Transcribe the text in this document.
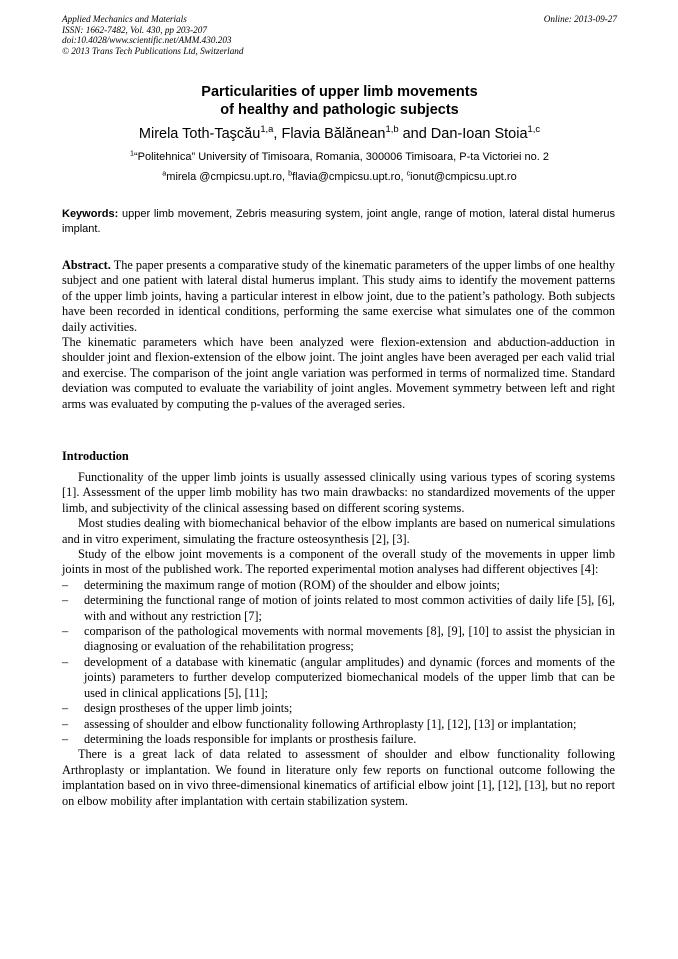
Applied Mechanics and Materials
ISSN: 1662-7482, Vol. 430, pp 203-207
doi:10.4028/www.scientific.net/AMM.430.203
© 2013 Trans Tech Publications Ltd, Switzerland
Online: 2013-09-27
Particularities of upper limb movements
of healthy and pathologic subjects
Mirela Toth-Taşcău$^{1,a}$, Flavia Bălănean$^{1,b}$ and Dan-Ioan Stoia$^{1,c}$
$^1$“Politehnica” University of Timisoara, Romania, 300006 Timisoara, P-ta Victoriei no. 2
$^a$mirela @cmpicsu.upt.ro, $^b$flavia@cmpicsu.upt.ro, $^c$ionut@cmpicsu.upt.ro
Keywords: upper limb movement, Zebris measuring system, joint angle, range of motion, lateral distal humerus implant.

Abstract. The paper presents a comparative study of the kinematic parameters of the upper limbs of one healthy subject and one patient with lateral distal humerus implant. This study aims to identify the movement patterns of the upper limb joints, having a particular interest in elbow joint, due to the patient’s pathology. Both subjects have been recorded in identical conditions, performing the same exercise what simulates one of the common daily activities.

The kinematic parameters which have been analyzed were flexion-extension and abduction-adduction in shoulder joint and flexion-extension of the elbow joint. The joint angles have been averaged per each valid trial and exercise. The comparison of the joint angle variation was performed in terms of normalized time. Standard deviation was computed to evaluate the variability of joint angles. Movement symmetry between left and right arms was evaluated by computing the p-values of the averaged series.

Introduction

Functionality of the upper limb joints is usually assessed clinically using various types of scoring systems [1]. Assessment of the upper limb mobility has two main drawbacks: no standardized movements of the upper limb, and subjectivity of the clinical assessing based on different scoring systems.

Most studies dealing with biomechanical behavior of the elbow implants are based on numerical simulations and in vitro experiment, simulating the fracture osteosynthesis [2], [3].

Study of the elbow joint movements is a component of the overall study of the movements in upper limb joints in most of the published work. The reported experimental motion analyses had different objectives [4]:

– determining the maximum range of motion (ROM) of the shoulder and elbow joints;
– determining the functional range of motion of joints related to most common activities of daily life [5], [6], with and without any restriction [7];
– comparison of the pathological movements with normal movements [8], [9], [10] to assist the physician in diagnosing or evaluation of the rehabilitation progress;
– development of a database with kinematic (angular amplitudes) and dynamic (forces and moments of the joints) parameters to further develop computerized biomechanical models of the upper limb that can be used in clinical applications [5], [11];
– design prostheses of the upper limb joints;
– assessing of shoulder and elbow functionality following Arthroplasty [1], [12], [13] or implantation;
– determining the loads responsible for implants or prosthesis failure.

There is a great lack of data related to assessment of shoulder and elbow functionality following Arthroplasty or implantation. We found in literature only few reports on functional outcome following the implantation based on in vivo three-dimensional kinematics of artificial elbow joint [1], [12], [13], but no report on elbow mobility after implantation with certain stabilization system.
